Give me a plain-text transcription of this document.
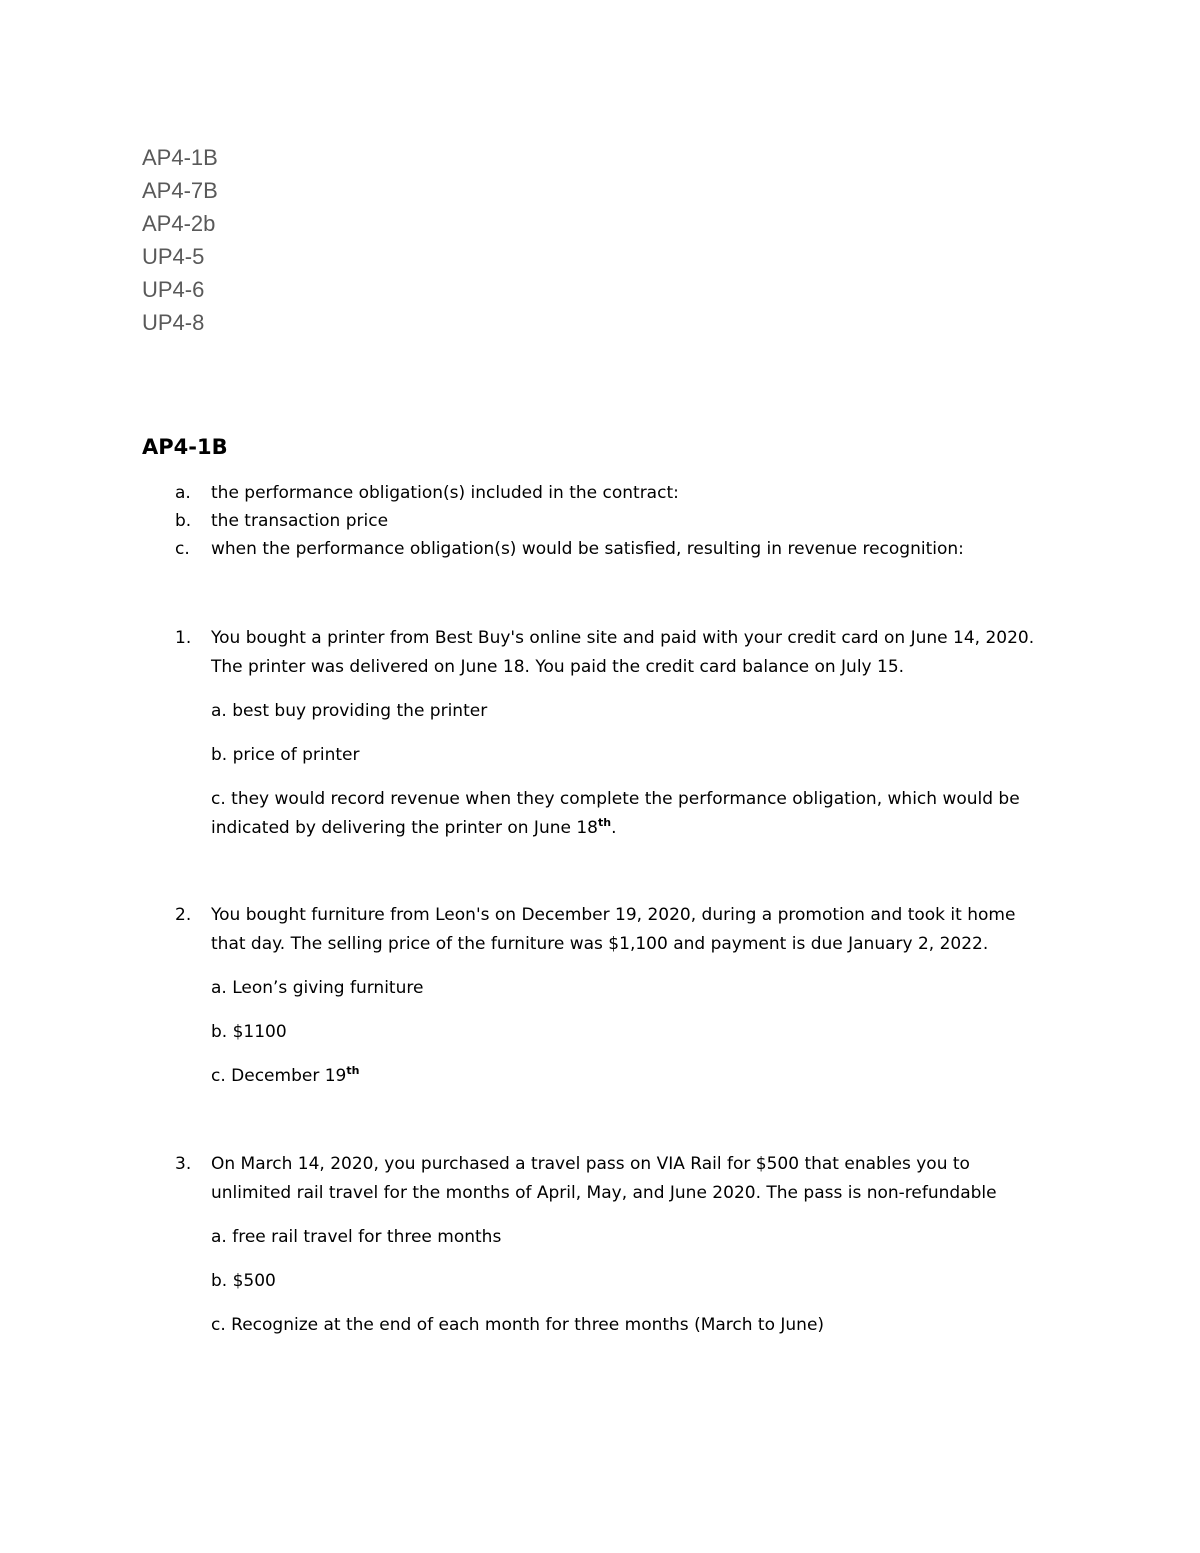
AP4-1B
AP4-7B
AP4-2b
UP4-5
UP4-6
UP4-8
AP4-1B
a. the performance obligation(s) included in the contract:
b. the transaction price
c. when the performance obligation(s) would be satisfied, resulting in revenue recognition:
1. You bought a printer from Best Buy's online site and paid with your credit card on June 14, 2020. The printer was delivered on June 18. You paid the credit card balance on July 15.
a. best buy providing the printer
b. price of printer
c. they would record revenue when they complete the performance obligation, which would be indicated by delivering the printer on June 18th.
2. You bought furniture from Leon's on December 19, 2020, during a promotion and took it home that day. The selling price of the furniture was $1,100 and payment is due January 2, 2022.
a. Leon’s giving furniture
b. $1100
c. December 19th
3. On March 14, 2020, you purchased a travel pass on VIA Rail for $500 that enables you to unlimited rail travel for the months of April, May, and June 2020. The pass is non-refundable
a. free rail travel for three months
b. $500
c. Recognize at the end of each month for three months (March to June)
